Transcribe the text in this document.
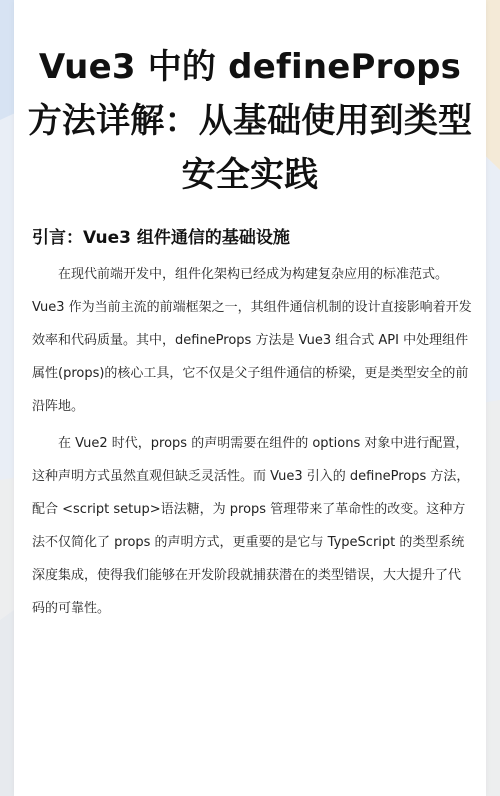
Vue3 中的 defineProps 方法详解：从基础使用到类型安全实践
引言：Vue3 组件通信的基础设施

在现代前端开发中，组件化架构已经成为构建复杂应用的标准范式。Vue3 作为当前主流的前端框架之一，其组件通信机制的设计直接影响着开发效率和代码质量。其中，defineProps 方法是 Vue3 组合式 API 中处理组件属性(props)的核心工具，它不仅是父子组件通信的桥梁，更是类型安全的前沿阵地。

在 Vue2 时代，props 的声明需要在组件的 options 对象中进行配置，这种声明方式虽然直观但缺乏灵活性。而 Vue3 引入的 defineProps 方法，配合 <script setup>语法糖，为 props 管理带来了革命性的改变。这种方法不仅简化了 props 的声明方式，更重要的是它与 TypeScript 的类型系统深度集成，使得我们能够在开发阶段就捕获潜在的类型错误，大大提升了代码的可靠性。
